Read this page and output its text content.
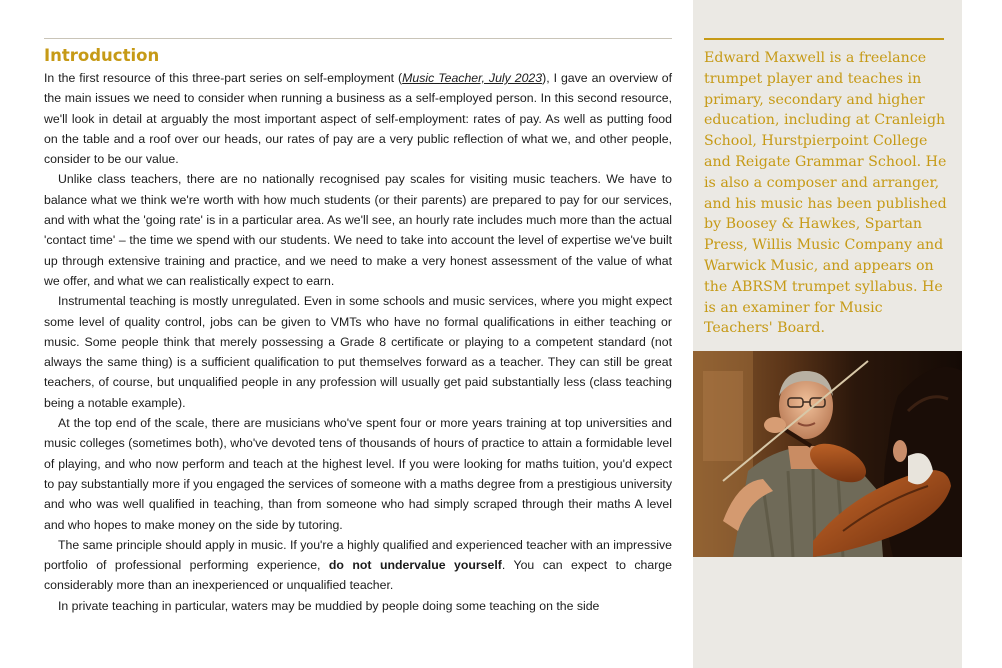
Introduction

In the first resource of this three-part series on self-employment (Music Teacher, July 2023), I gave an overview of the main issues we need to consider when running a business as a self-employed person. In this second resource, we'll look in detail at arguably the most important aspect of self-employment: rates of pay. As well as putting food on the table and a roof over our heads, our rates of pay are a very public reflection of what we, and other people, consider to be our value.

Unlike class teachers, there are no nationally recognised pay scales for visiting music teachers. We have to balance what we think we're worth with how much students (or their parents) are prepared to pay for our services, and with what the 'going rate' is in a particular area. As we'll see, an hourly rate includes much more than the actual 'contact time' – the time we spend with our students. We need to take into account the level of expertise we've built up through extensive training and practice, and we need to make a very honest assessment of the value of what we offer, and what we can realistically expect to earn.

Instrumental teaching is mostly unregulated. Even in some schools and music services, where you might expect some level of quality control, jobs can be given to VMTs who have no formal qualifications in either teaching or music. Some people think that merely possessing a Grade 8 certificate or playing to a competent standard (not always the same thing) is a sufficient qualification to put themselves forward as a teacher. They can still be great teachers, of course, but unqualified people in any profession will usually get paid substantially less (class teaching being a notable example).

At the top end of the scale, there are musicians who've spent four or more years training at top universities and music colleges (sometimes both), who've devoted tens of thousands of hours of practice to attain a formidable level of playing, and who now perform and teach at the highest level. If you were looking for maths tuition, you'd expect to pay substantially more if you engaged the services of someone with a maths degree from a prestigious university and who was well qualified in teaching, than from someone who had simply scraped through their maths A level and who hopes to make money on the side by tutoring.

The same principle should apply in music. If you're a highly qualified and experienced teacher with an impressive portfolio of professional performing experience, do not undervalue yourself. You can expect to charge considerably more than an inexperienced or unqualified teacher.

In private teaching in particular, waters may be muddied by people doing some teaching on the side

Edward Maxwell is a freelance trumpet player and teaches in primary, secondary and higher education, including at Cranleigh School, Hurstpierpoint College and Reigate Grammar School. He is also a composer and arranger, and his music has been published by Boosey & Hawkes, Spartan Press, Willis Music Company and Warwick Music, and appears on the ABRSM trumpet syllabus. He is an examiner for Music Teachers' Board.
